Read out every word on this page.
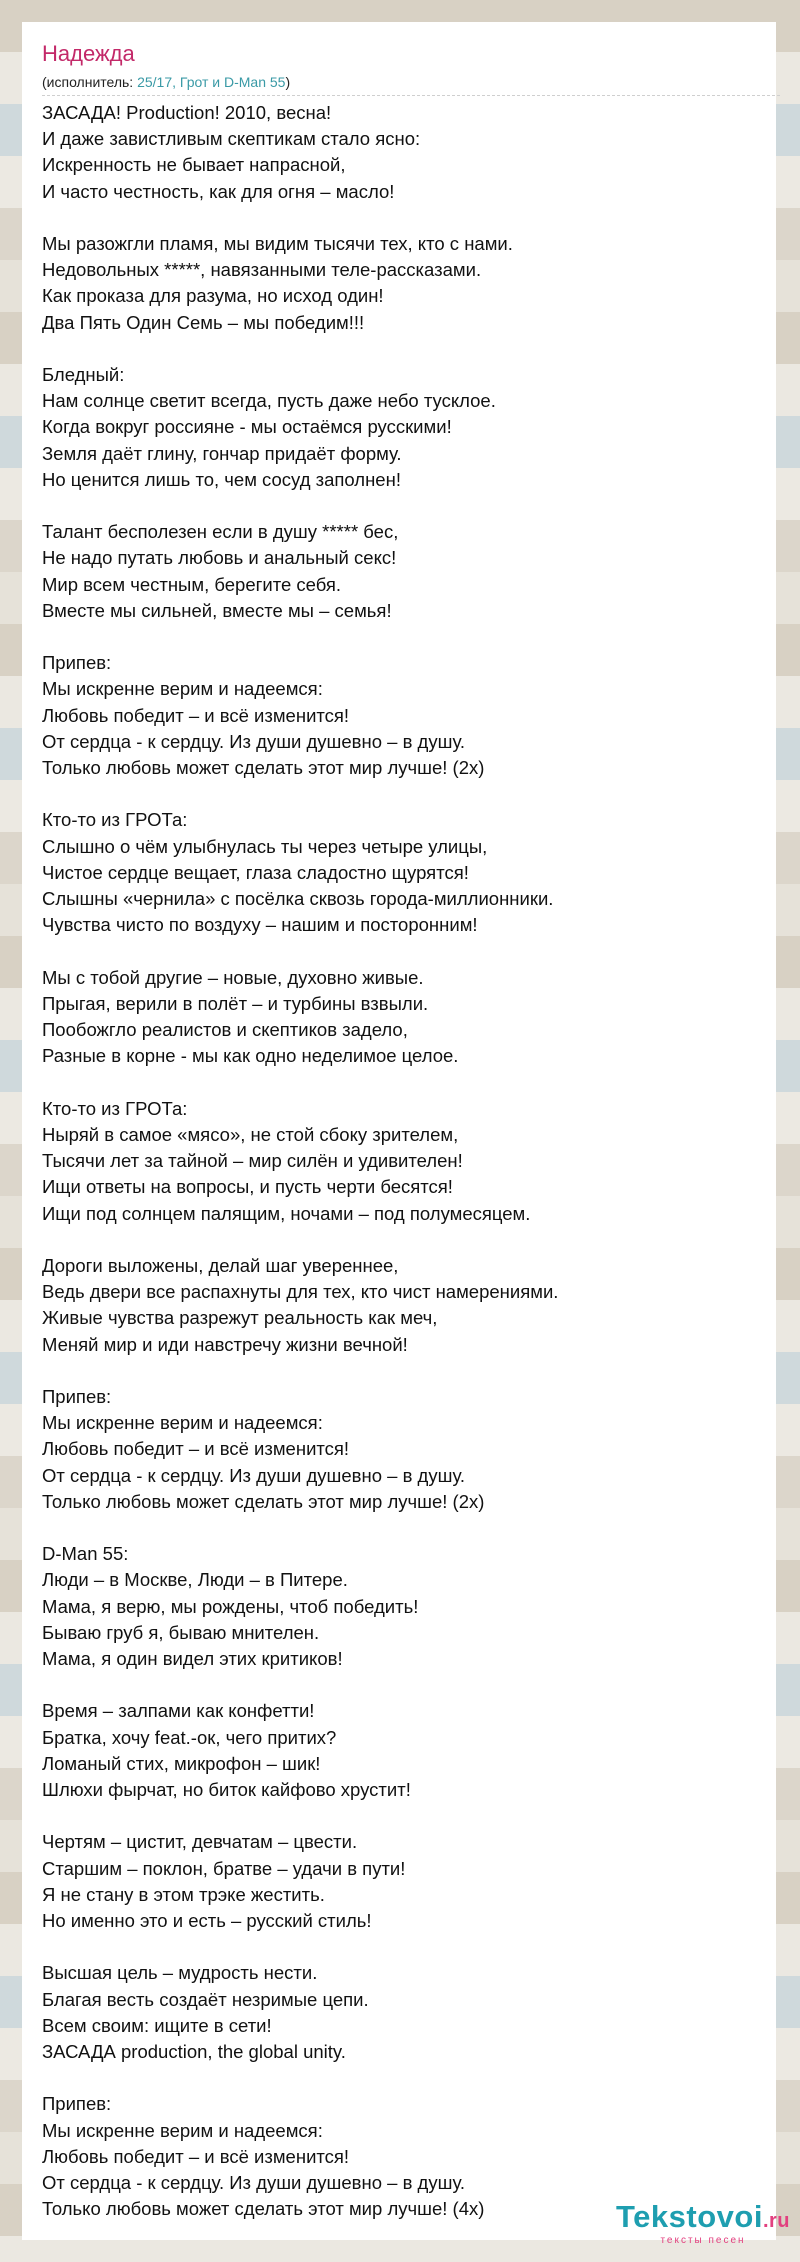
Надежда
(исполнитель: 25/17, Грот и D-Man 55)
ЗАСАДА! Production! 2010, весна!
И даже завистливым скептикам стало ясно:
Искренность не бывает напрасной,
И часто честность, как для огня – масло!

Мы разожгли пламя, мы видим тысячи тех, кто с нами.
Недовольных *****, навязанными теле-рассказами.
Как проказа для разума, но исход один!
Два Пять Один Семь – мы победим!!!

Бледный:
Нам солнце светит всегда, пусть даже небо тусклое.
Когда вокруг россияне - мы остаёмся русскими!
Земля даёт глину, гончар придаёт форму.
Но ценится лишь то, чем сосуд заполнен!

Талант бесполезен если в душу ***** бес,
Не надо путать любовь и анальный секс!
Мир всем честным, берегите себя.
Вместе мы сильней, вместе мы – семья!

Припев:
Мы искренне верим и надеемся:
Любовь победит – и всё изменится!
От сердца - к сердцу. Из души душевно – в душу.
Только любовь может сделать этот мир лучше! (2х)

Кто-то из ГРОТа:
Слышно о чём улыбнулась ты через четыре улицы,
Чистое сердце вещает, глаза сладостно щурятся!
Слышны «чернила» с посёлка сквозь города-миллионники.
Чувства чисто по воздуху – нашим и посторонним!

Мы с тобой другие – новые, духовно живые.
Прыгая, верили в полёт – и турбины взвыли.
Пообожгло реалистов и скептиков задело,
Разные в корне - мы как одно неделимое целое.

Кто-то из ГРОТа:
Ныряй в самое «мясо», не стой сбоку зрителем,
Тысячи лет за тайной – мир силён и удивителен!
Ищи ответы на вопросы, и пусть черти бесятся!
Ищи под солнцем палящим, ночами – под полумесяцем.

Дороги выложены, делай шаг увереннее,
Ведь двери все распахнуты для тех, кто чист намерениями.
Живые чувства разрежут реальность как меч,
Меняй мир и иди навстречу жизни вечной!

Припев:
Мы искренне верим и надеемся:
Любовь победит – и всё изменится!
От сердца - к сердцу. Из души душевно – в душу.
Только любовь может сделать этот мир лучше! (2х)

D-Man 55:
Люди – в Москве, Люди – в Питере.
Мама, я верю, мы рождены, чтоб победить!
Бываю груб я, бываю мнителен.
Мама, я один видел этих критиков!

Время – залпами как конфетти!
Братка, хочу feat.-ок, чего притих?
Ломаный стих, микрофон – шик!
Шлюхи фырчат, но биток кайфово хрустит!

Чертям – цистит, девчатам – цвести.
Старшим – поклон, братве – удачи в пути!
Я не стану в этом трэке жестить.
Но именно это и есть – русский стиль!

Высшая цель – мудрость нести.
Благая весть создаёт незримые цепи.
Всем своим: ищите в сети!
ЗАСАДА production, the global unity.

Припев:
Мы искренне верим и надеемся:
Любовь победит – и всё изменится!
От сердца - к сердцу. Из души душевно – в душу.
Только любовь может сделать этот мир лучше! (4х)	Tekstovoi.ru
тексты песен
